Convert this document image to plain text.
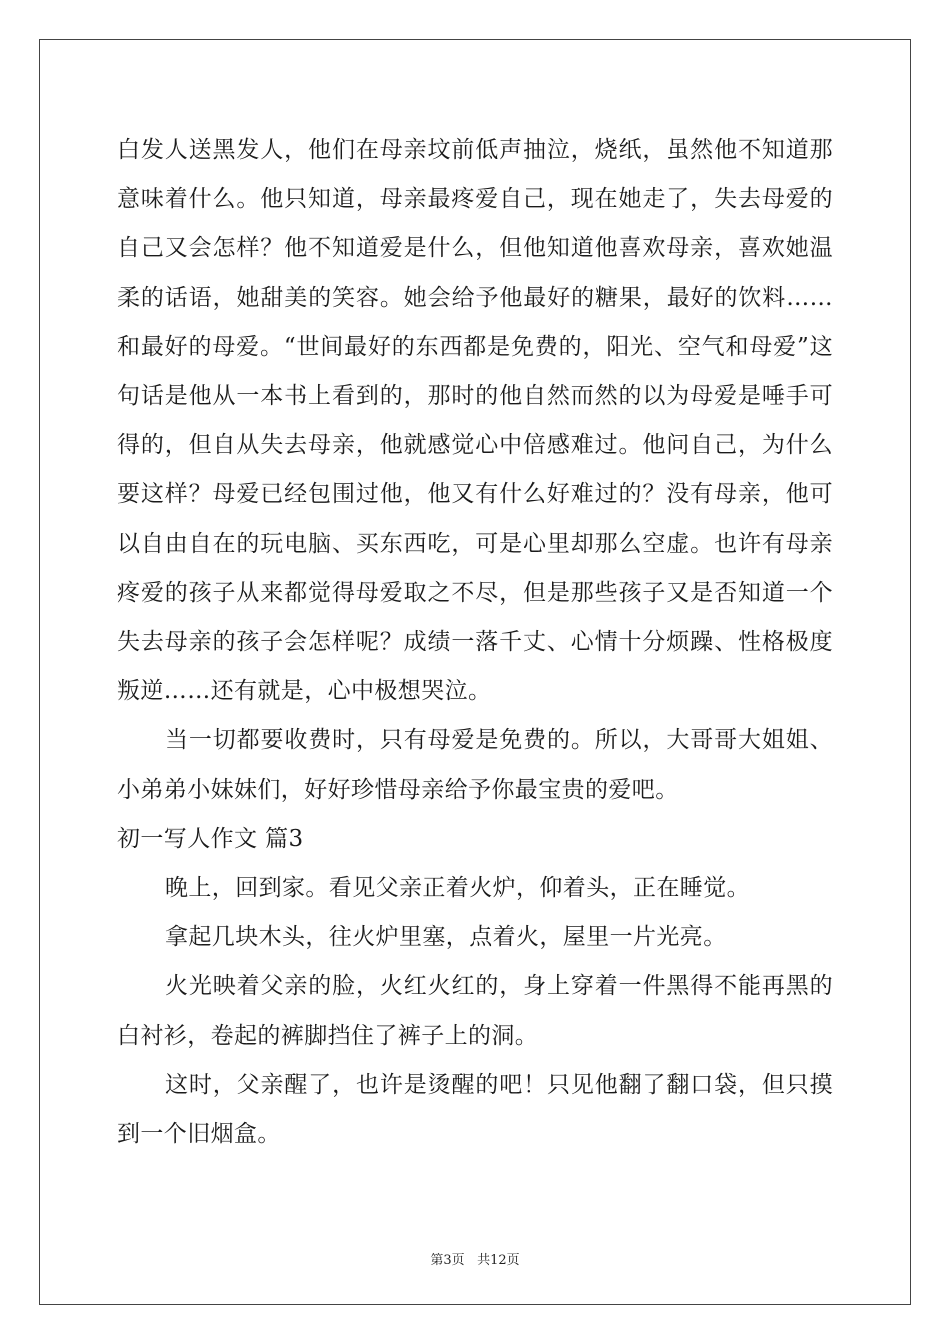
白发人送黑发人，他们在母亲坟前低声抽泣，烧纸，虽然他不知道那意味着什么。他只知道，母亲最疼爱自己，现在她走了，失去母爱的自己又会怎样？他不知道爱是什么，但他知道他喜欢母亲，喜欢她温柔的话语，她甜美的笑容。她会给予他最好的糖果，最好的饮料……和最好的母爱。“世间最好的东西都是免费的，阳光、空气和母爱”这句话是他从一本书上看到的，那时的他自然而然的以为母爱是唾手可得的，但自从失去母亲，他就感觉心中倍感难过。他问自己，为什么要这样？母爱已经包围过他，他又有什么好难过的？没有母亲，他可以自由自在的玩电脑、买东西吃，可是心里却那么空虚。也许有母亲疼爱的孩子从来都觉得母爱取之不尽，但是那些孩子又是否知道一个失去母亲的孩子会怎样呢？成绩一落千丈、心情十分烦躁、性格极度叛逆……还有就是，心中极想哭泣。

当一切都要收费时，只有母爱是免费的。所以，大哥哥大姐姐、小弟弟小妹妹们，好好珍惜母亲给予你最宝贵的爱吧。

初一写人作文 篇3

晚上，回到家。看见父亲正着火炉，仰着头，正在睡觉。

拿起几块木头，往火炉里塞，点着火，屋里一片光亮。

火光映着父亲的脸，火红火红的，身上穿着一件黑得不能再黑的白衬衫，卷起的裤脚挡住了裤子上的洞。

这时，父亲醒了，也许是烫醒的吧！只见他翻了翻口袋，但只摸到一个旧烟盒。

第3页 共12页
